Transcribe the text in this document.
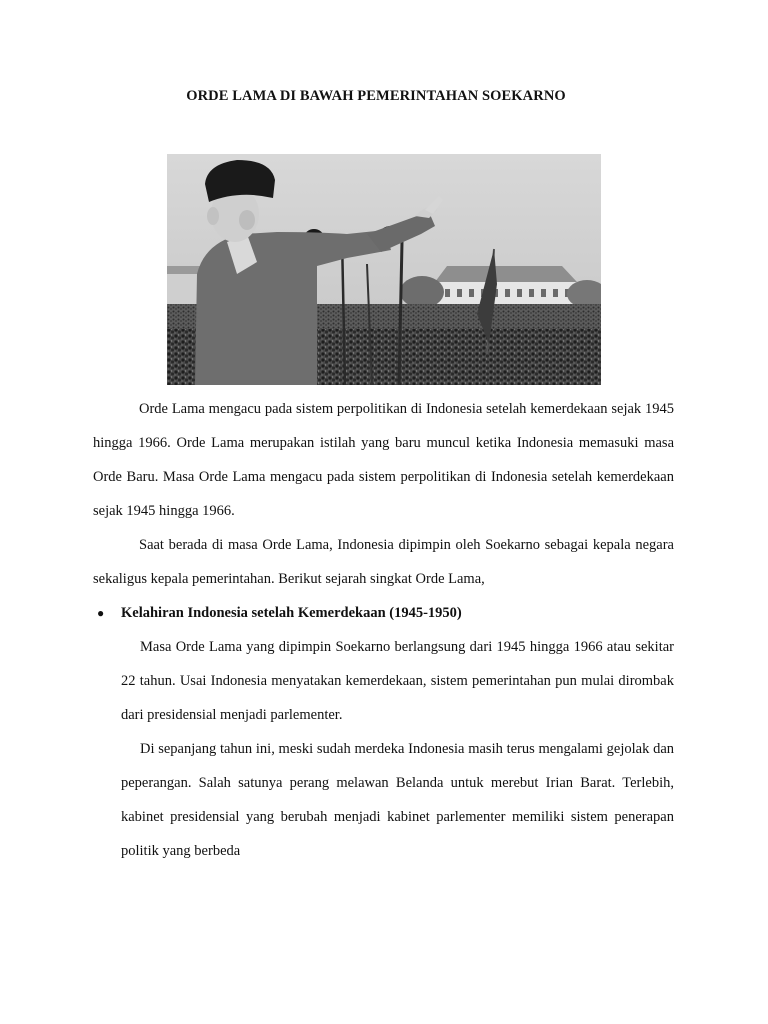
ORDE LAMA DI BAWAH PEMERINTAHAN SOEKARNO

Orde Lama mengacu pada sistem perpolitikan di Indonesia setelah kemerdekaan sejak 1945 hingga 1966. Orde Lama merupakan istilah yang baru muncul ketika Indonesia memasuki masa Orde Baru. Masa Orde Lama mengacu pada sistem perpolitikan di Indonesia setelah kemerdekaan sejak 1945 hingga 1966.

Saat berada di masa Orde Lama, Indonesia dipimpin oleh Soekarno sebagai kepala negara sekaligus kepala pemerintahan. Berikut sejarah singkat Orde Lama,

● Kelahiran Indonesia setelah Kemerdekaan (1945-1950)

Masa Orde Lama yang dipimpin Soekarno berlangsung dari 1945 hingga 1966 atau sekitar 22 tahun. Usai Indonesia menyatakan kemerdekaan, sistem pemerintahan pun mulai dirombak dari presidensial menjadi parlementer.

Di sepanjang tahun ini, meski sudah merdeka Indonesia masih terus mengalami gejolak dan peperangan. Salah satunya perang melawan Belanda untuk merebut Irian Barat. Terlebih, kabinet presidensial yang berubah menjadi kabinet parlementer memiliki sistem penerapan politik yang berbeda
